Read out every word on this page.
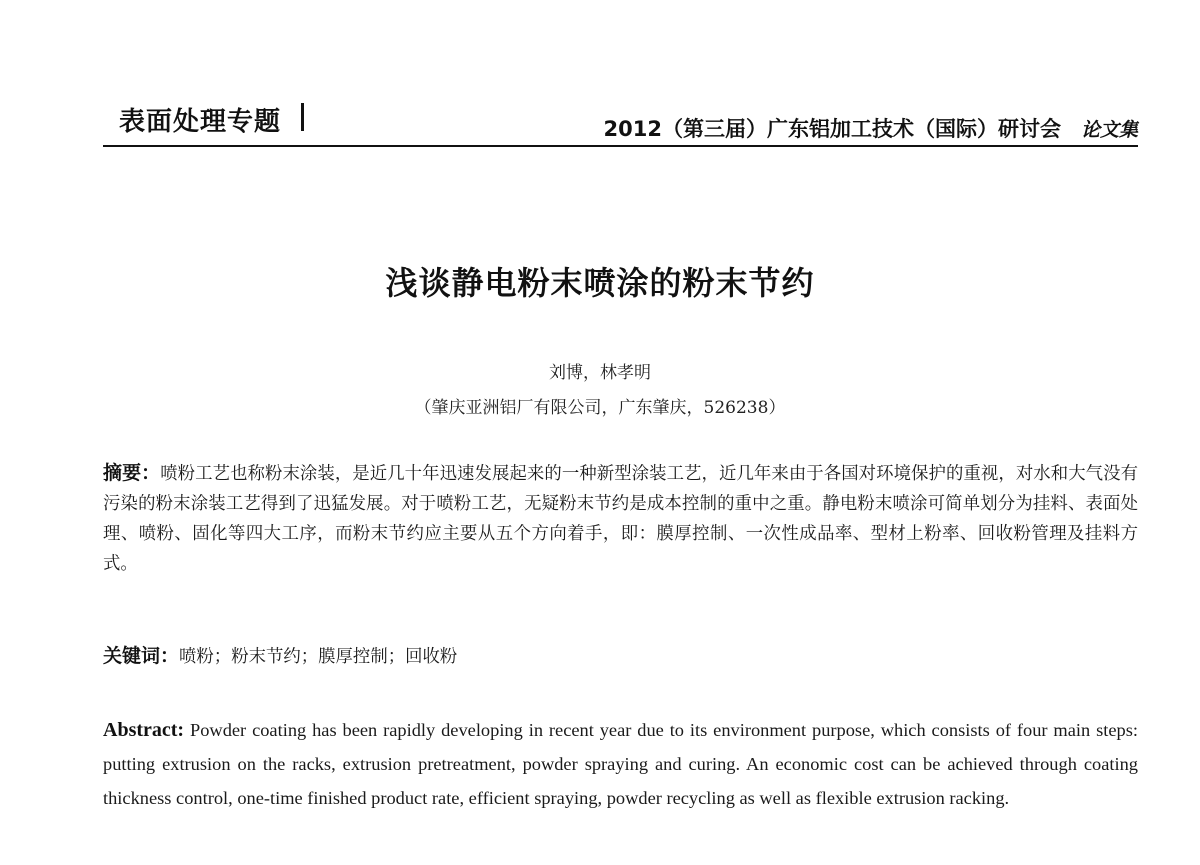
表面处理专题	2012（第三届）广东铝加工技术（国际）研讨会 论文集
浅谈静电粉末喷涂的粉末节约
刘博，林孝明
（肇庆亚洲铝厂有限公司，广东肇庆，526238）
摘要：喷粉工艺也称粉末涂装，是近几十年迅速发展起来的一种新型涂装工艺，近几年来由于各国对环境保护的重视，对水和大气没有污染的粉末涂装工艺得到了迅猛发展。对于喷粉工艺，无疑粉末节约是成本控制的重中之重。静电粉末喷涂可简单划分为挂料、表面处理、喷粉、固化等四大工序，而粉末节约应主要从五个方向着手，即：膜厚控制、一次性成品率、型材上粉率、回收粉管理及挂料方式。
关键词：喷粉；粉末节约；膜厚控制；回收粉
Abstract: Powder coating has been rapidly developing in recent year due to its environment purpose, which consists of four main steps: putting extrusion on the racks, extrusion pretreatment, powder spraying and curing. An economic cost can be achieved through coating thickness control, one-time finished product rate, efficient spraying, powder recycling as well as flexible extrusion racking.
